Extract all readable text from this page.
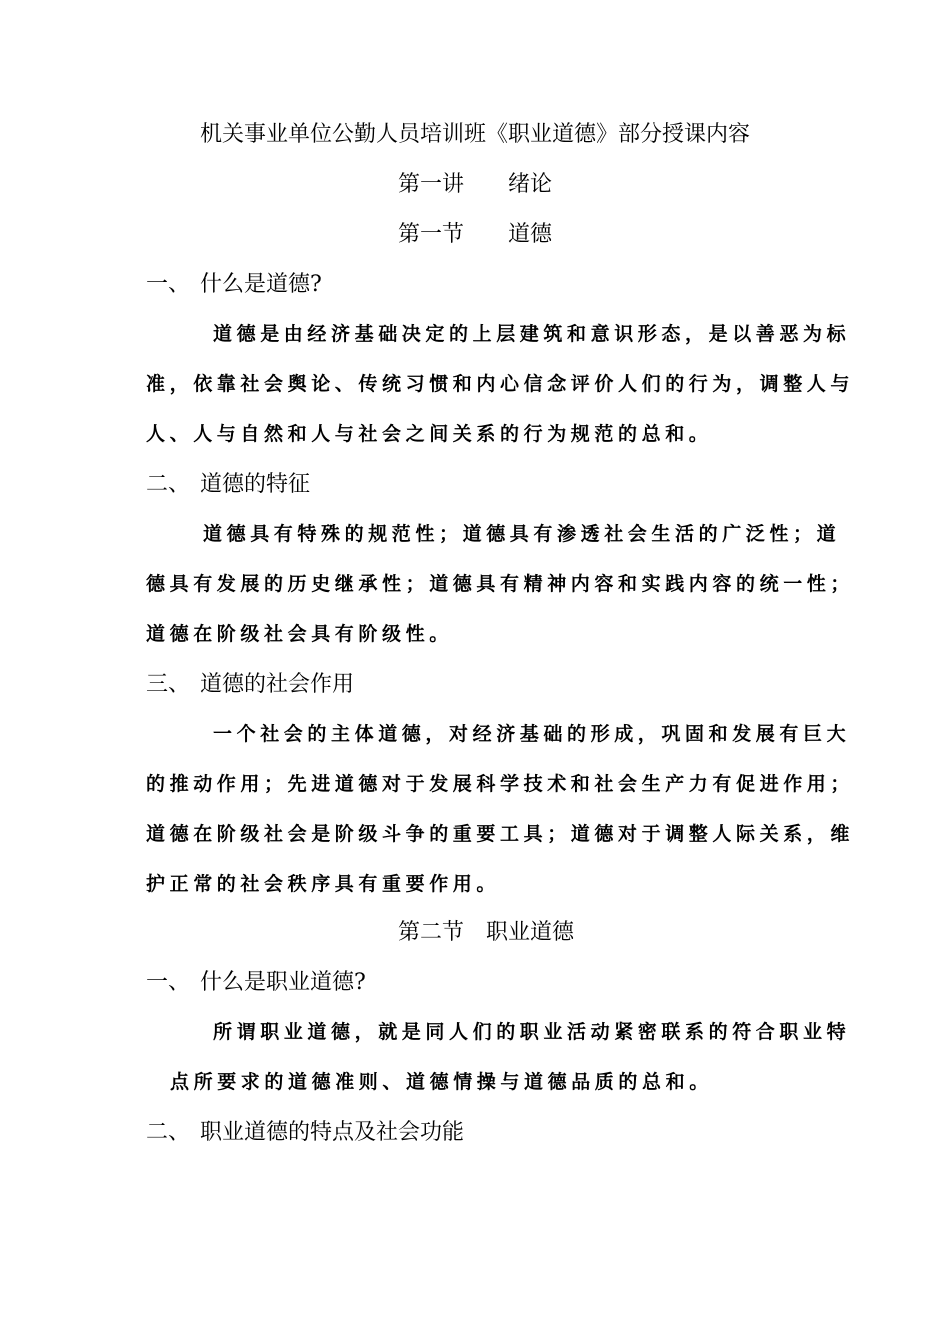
机关事业单位公勤人员培训班《职业道德》部分授课内容
第一讲 绪论
第一节 道德
一、 什么是道德?
道德是由经济基础决定的上层建筑和意识形态，是以善恶为标
准，依靠社会舆论、传统习惯和内心信念评价人们的行为，调整人与
人、人与自然和人与社会之间关系的行为规范的总和。
二、 道德的特征
道德具有特殊的规范性；道德具有渗透社会生活的广泛性；道
德具有发展的历史继承性；道德具有精神内容和实践内容的统一性；
道德在阶级社会具有阶级性。
三、 道德的社会作用
一个社会的主体道德，对经济基础的形成，巩固和发展有巨大
的推动作用；先进道德对于发展科学技术和社会生产力有促进作用；
道德在阶级社会是阶级斗争的重要工具；道德对于调整人际关系，维
护正常的社会秩序具有重要作用。
第二节 职业道德
一、 什么是职业道德?
所谓职业道德，就是同人们的职业活动紧密联系的符合职业特
点所要求的道德准则、道德情操与道德品质的总和。
二、 职业道德的特点及社会功能
